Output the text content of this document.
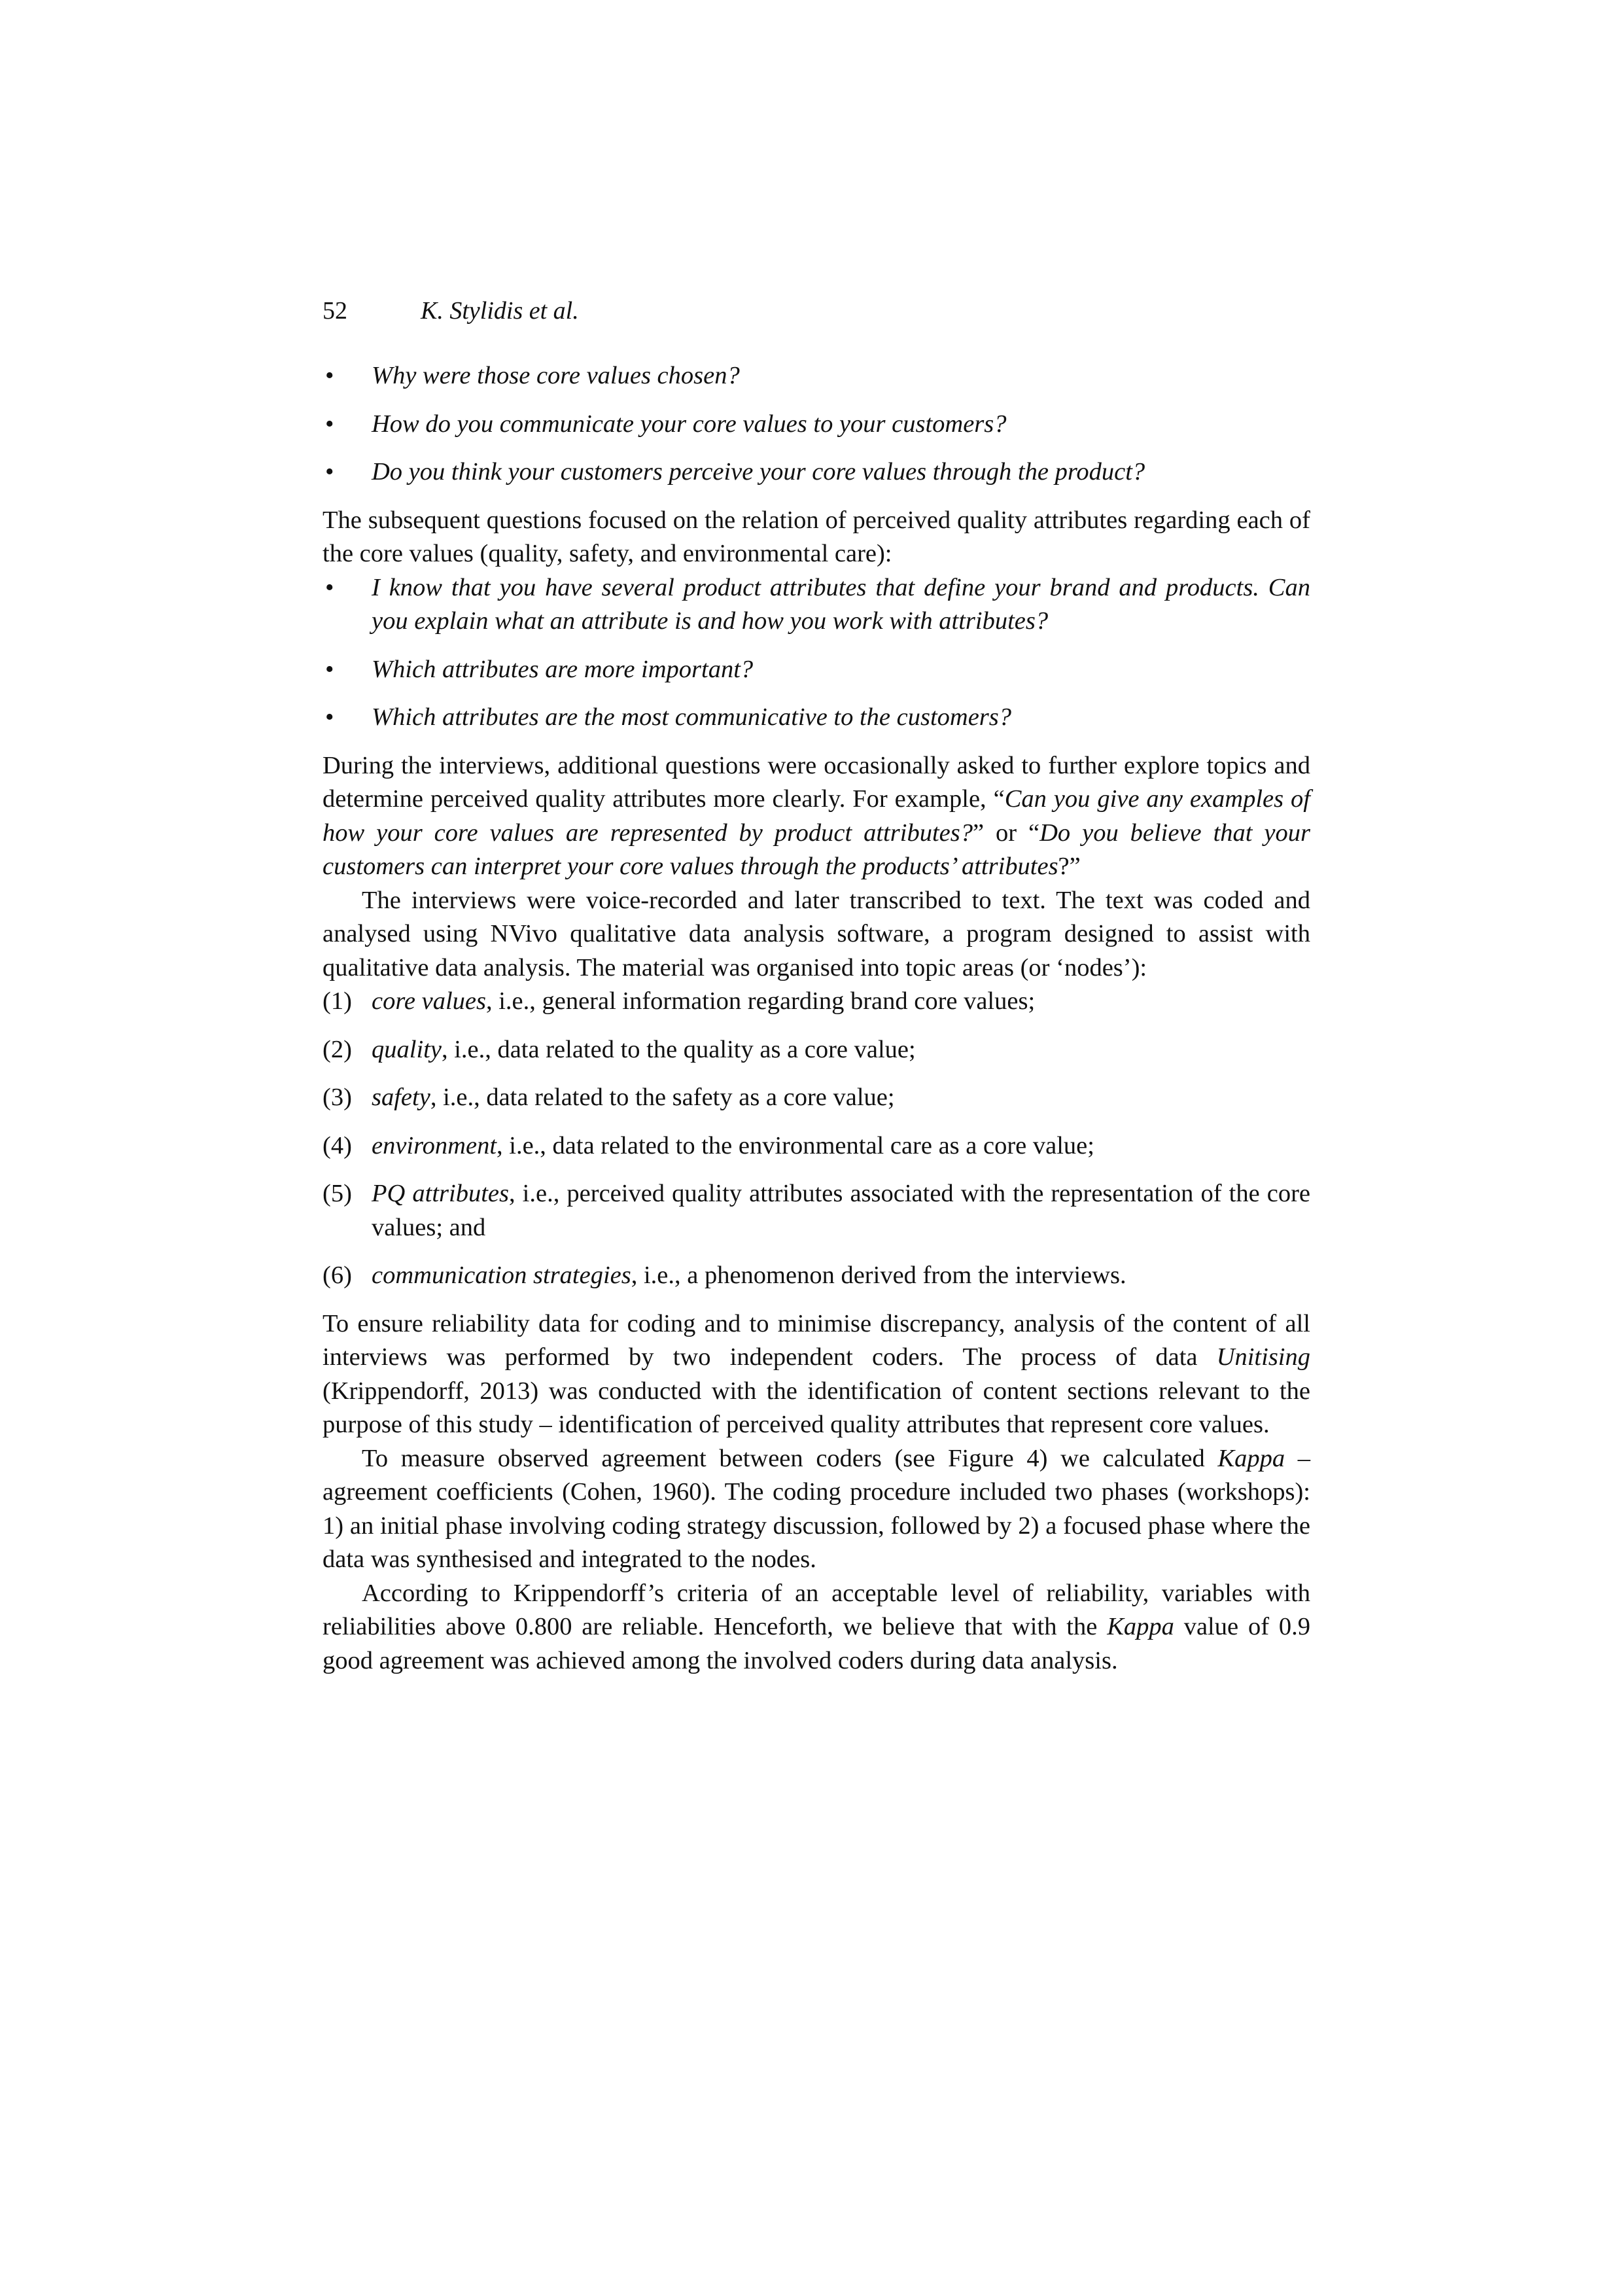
52	K. Stylidis et al.
• Why were those core values chosen?
• How do you communicate your core values to your customers?
• Do you think your customers perceive your core values through the product?

The subsequent questions focused on the relation of perceived quality attributes regarding each of the core values (quality, safety, and environmental care):

• I know that you have several product attributes that define your brand and products. Can you explain what an attribute is and how you work with attributes?
• Which attributes are more important?
• Which attributes are the most communicative to the customers?

During the interviews, additional questions were occasionally asked to further explore topics and determine perceived quality attributes more clearly. For example, “Can you give any examples of how your core values are represented by product attributes?” or “Do you believe that your customers can interpret your core values through the products’ attributes?”

The interviews were voice-recorded and later transcribed to text. The text was coded and analysed using NVivo qualitative data analysis software, a program designed to assist with qualitative data analysis. The material was organised into topic areas (or ‘nodes’):

(1) core values, i.e., general information regarding brand core values;
(2) quality, i.e., data related to the quality as a core value;
(3) safety, i.e., data related to the safety as a core value;
(4) environment, i.e., data related to the environmental care as a core value;
(5) PQ attributes, i.e., perceived quality attributes associated with the representation of the core values; and
(6) communication strategies, i.e., a phenomenon derived from the interviews.

To ensure reliability data for coding and to minimise discrepancy, analysis of the content of all interviews was performed by two independent coders. The process of data Unitising (Krippendorff, 2013) was conducted with the identification of content sections relevant to the purpose of this study – identification of perceived quality attributes that represent core values.

To measure observed agreement between coders (see Figure 4) we calculated Kappa – agreement coefficients (Cohen, 1960). The coding procedure included two phases (workshops): 1) an initial phase involving coding strategy discussion, followed by 2) a focused phase where the data was synthesised and integrated to the nodes.

According to Krippendorff’s criteria of an acceptable level of reliability, variables with reliabilities above 0.800 are reliable. Henceforth, we believe that with the Kappa value of 0.9 good agreement was achieved among the involved coders during data analysis.
